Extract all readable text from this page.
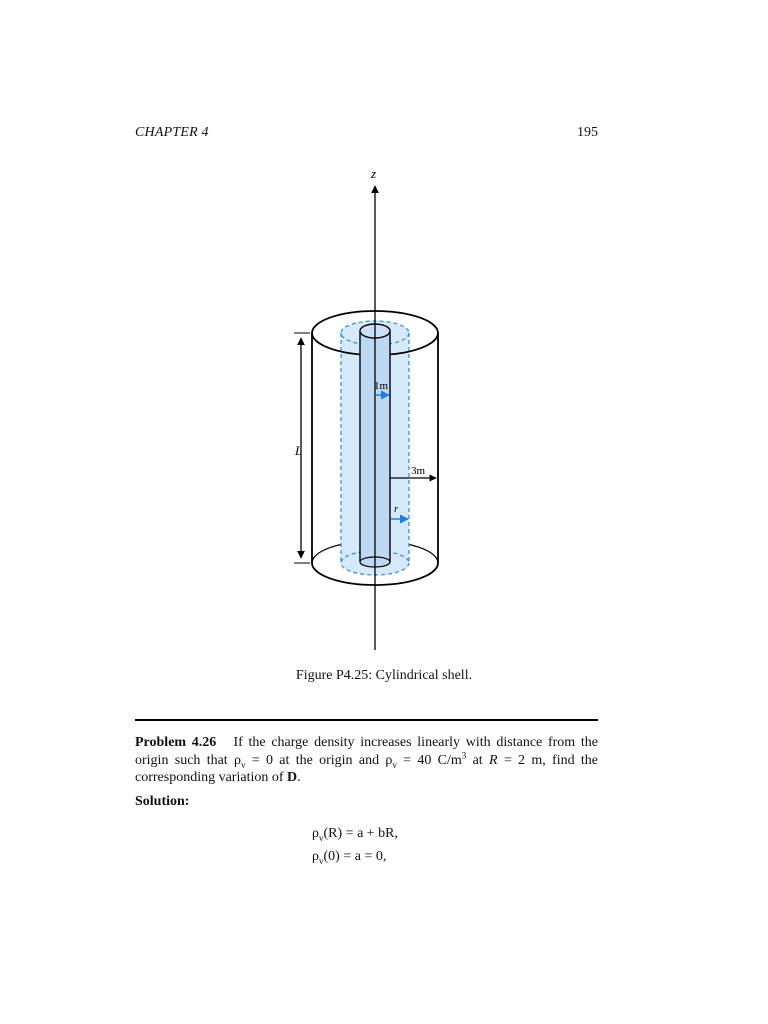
CHAPTER 4	195
z
L
1m
3m
r
Figure P4.25: Cylindrical shell.
Problem 4.26 If the charge density increases linearly with distance from the origin such that $\rho_v = 0$ at the origin and $\rho_v = 40$ $C/m^3$ at R = 2 m, find the corresponding variation of D.
Solution:
$\rho_v(R) = a$ + bR,
$\rho_v(0) = a = 0$,
